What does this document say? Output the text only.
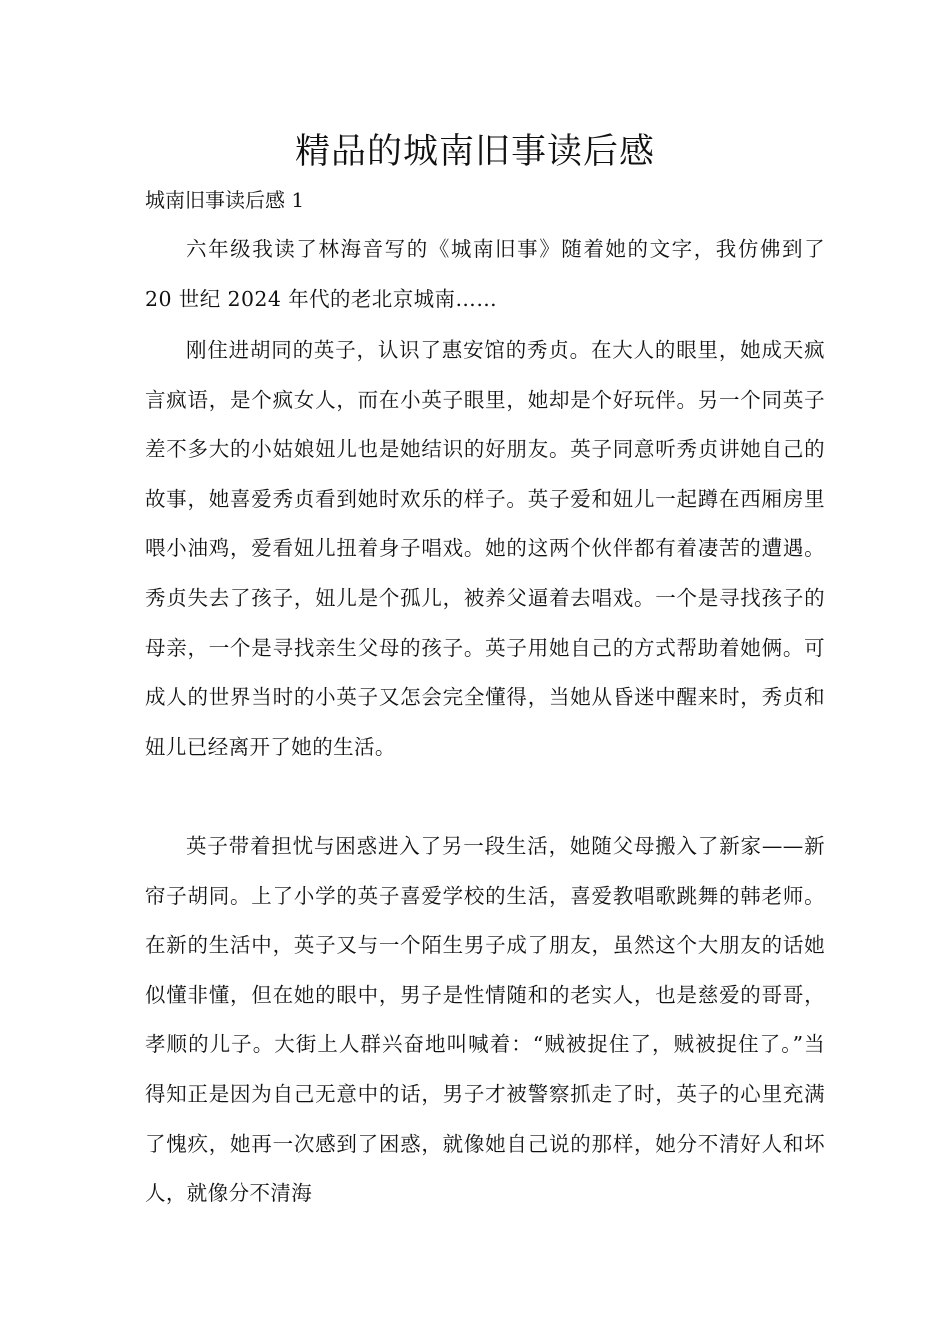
精品的城南旧事读后感

城南旧事读后感 1

六年级我读了林海音写的《城南旧事》随着她的文字，我仿佛到了 20 世纪 2024 年代的老北京城南……

刚住进胡同的英子，认识了惠安馆的秀贞。在大人的眼里，她成天疯言疯语，是个疯女人，而在小英子眼里，她却是个好玩伴。另一个同英子差不多大的小姑娘妞儿也是她结识的好朋友。英子同意听秀贞讲她自己的故事，她喜爱秀贞看到她时欢乐的样子。英子爱和妞儿一起蹲在西厢房里喂小油鸡，爱看妞儿扭着身子唱戏。她的这两个伙伴都有着凄苦的遭遇。秀贞失去了孩子，妞儿是个孤儿，被养父逼着去唱戏。一个是寻找孩子的母亲，一个是寻找亲生父母的孩子。英子用她自己的方式帮助着她俩。可成人的世界当时的小英子又怎会完全懂得，当她从昏迷中醒来时，秀贞和妞儿已经离开了她的生活。

英子带着担忧与困惑进入了另一段生活，她随父母搬入了新家——新帘子胡同。上了小学的英子喜爱学校的生活，喜爱教唱歌跳舞的韩老师。在新的生活中，英子又与一个陌生男子成了朋友，虽然这个大朋友的话她似懂非懂，但在她的眼中，男子是性情随和的老实人，也是慈爱的哥哥，孝顺的儿子。大街上人群兴奋地叫喊着：“贼被捉住了，贼被捉住了。”当得知正是因为自己无意中的话，男子才被警察抓走了时，英子的心里充满了愧疚，她再一次感到了困惑，就像她自己说的那样，她分不清好人和坏人，就像分不清海
